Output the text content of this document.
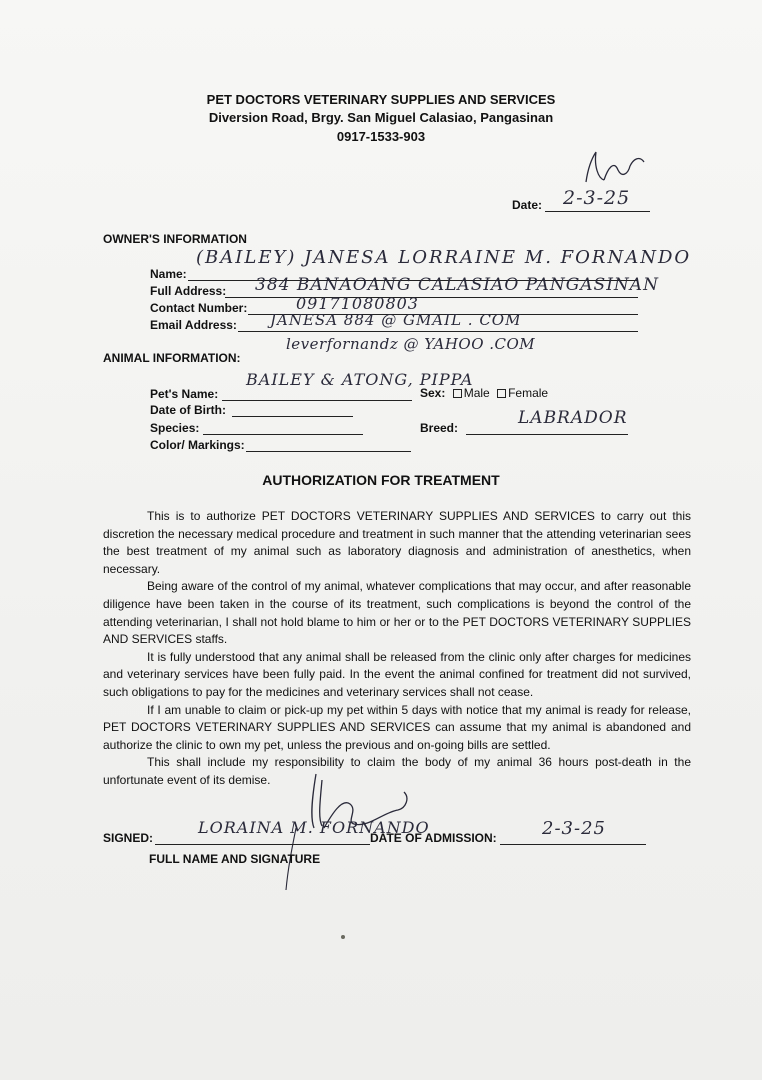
PET DOCTORS VETERINARY SUPPLIES AND SERVICES
Diversion Road, Brgy. San Miguel Calasiao, Pangasinan
0917-1533-903
Date: 2-3-25
OWNER'S INFORMATION
Name:
(BAILEY) JANESA LORRAINE M. FORNANDO
Full Address: 384 BANAOANG CALASIAO PANGASINAN
Contact Number:	09171080803
Email Address: JANESA 884 @ GMAIL . COM
leverfornandz @ YAHOO .COM
ANIMAL INFORMATION:
Pet's Name:
BAILEY & ATONG, PIPPA
Sex: Male Female
Date of Birth:
Species:	Breed:	LABRADOR
Color/ Markings:
AUTHORIZATION FOR TREATMENT

This is to authorize PET DOCTORS VETERINARY SUPPLIES AND SERVICES to carry out this discretion the necessary medical procedure and treatment in such manner that the attending veterinarian sees the best treatment of my animal such as laboratory diagnosis and administration of anesthetics, when necessary.

Being aware of the control of my animal, whatever complications that may occur, and after reasonable diligence have been taken in the course of its treatment, such complications is beyond the control of the attending veterinarian, I shall not hold blame to him or her or to the PET DOCTORS VETERINARY SUPPLIES AND SERVICES staffs.

It is fully understood that any animal shall be released from the clinic only after charges for medicines and veterinary services have been fully paid. In the event the animal confined for treatment did not survived, such obligations to pay for the medicines and veterinary services shall not cease.

If I am unable to claim or pick-up my pet within 5 days with notice that my animal is ready for release, PET DOCTORS VETERINARY SUPPLIES AND SERVICES can assume that my animal is abandoned and authorize the clinic to own my pet, unless the previous and on-going bills are settled.

This shall include my responsibility to claim the body of my animal 36 hours post-death in the unfortunate event of its demise.

SIGNED:
LORAINA M. FORNANDO
FULL NAME AND SIGNATURE
DATE OF ADMISSION:	2-3-25
